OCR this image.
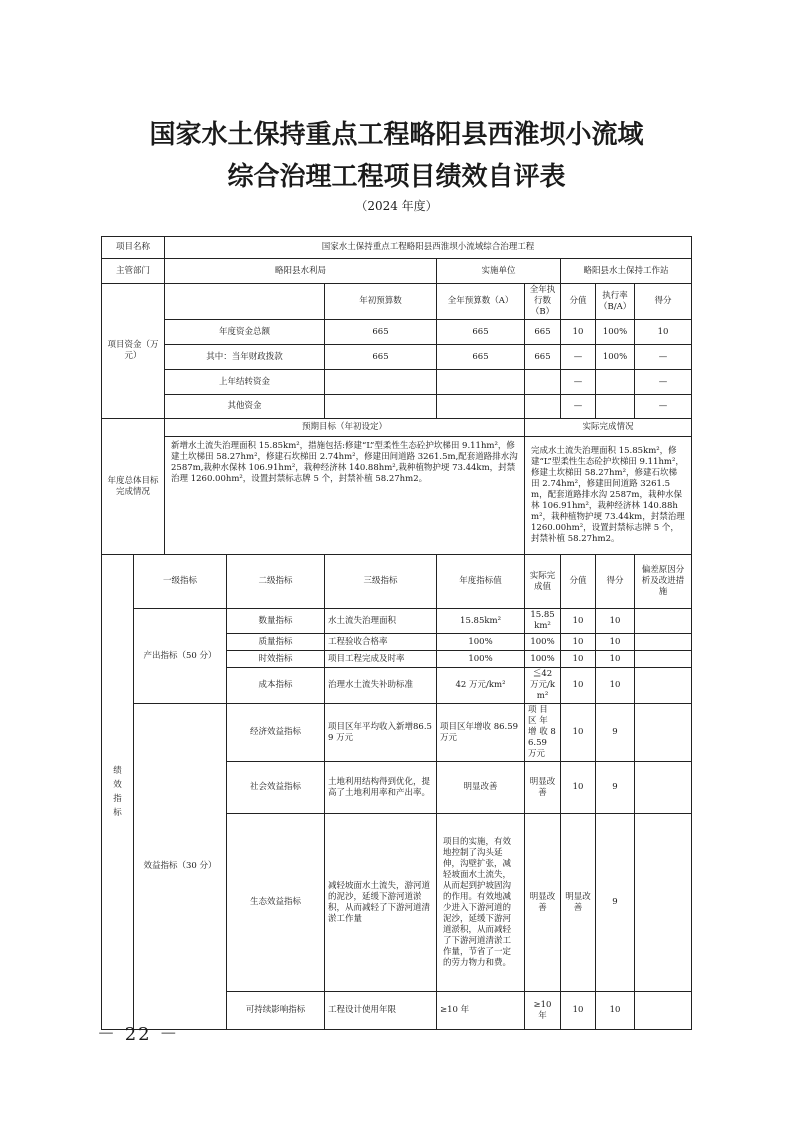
国家水土保持重点工程略阳县西淮坝小流域
综合治理工程项目绩效自评表
（2024 年度）
项目名称		国家水土保持重点工程略阳县西淮坝小流域综合治理工程							
主管部门		略阳县水利局			实施单位		略阳县水土保持工作站		
项目资金（万元）				年初预算数	全年预算数（A）	全年执行数（B）	分值	执行率（B/A）	得分
		年度资金总额		665	665	665	10	100%	10
		其中：当年财政拨款		665	665	665	—	100%	—
		上年结转资金					—		—
		其他资金					—		—
年度总体目标完成情况		预期目标（年初设定）				实际完成情况			
		新增水土流失治理面积 15.85km²，措施包括:修建“L”型柔性生态砼护坎梯田 9.11hm²，修建土坎梯田 58.27hm²，修建石坎梯田 2.74hm²，修建田间道路 3261.5m,配套道路排水沟 2587m,栽种水保林 106.91hm²，栽种经济林 140.88hm²,栽种植物护埂 73.44km，封禁治理 1260.00hm²，设置封禁标志牌 5 个，封禁补植 58.27hm2。				完成水土流失治理面积 15.85km²，修建“L”型柔性生态砼护坎梯田 9.11hm²，修建土坎梯田 58.27hm²，修建石坎梯田 2.74hm²，修建田间道路 3261.5m，配套道路排水沟 2587m，栽种水保林 106.91hm²，栽种经济林 140.88hm²，栽种植物护埂 73.44km，封禁治理 1260.00hm²，设置封禁标志牌 5 个，封禁补植 58.27hm2。			
绩效指标	一级指标		二级指标	三级指标	年度指标值	实际完成值	分值	得分	偏差原因分析及改进措施
	产出指标（50 分）		数量指标	水土流失治理面积	15.85km²	15.85km²	10	10	
			质量指标	工程验收合格率	100%	100%	10	10	
			时效指标	项目工程完成及时率	100%	100%	10	10	
			成本指标	治理水土流失补助标准	42 万元/km²	≦42 万元/km²	10	10	
	效益指标（30 分）		经济效益指标	项目区年平均收入新增86.59 万元	项目区年增收 86.59 万元	项 目 区 年 增 收 86.59 万元	10	9	
			社会效益指标	土地利用结构得到优化，提高了土地利用率和产出率。	明显改善	明显改善	10	9	
			生态效益指标	减轻坡面水土流失，游河道的泥沙，延缓下游河道淤积，从而减轻了下游河道清淤工作量	项目的实施，有效地控制了沟头延伸，沟壁扩张，减轻坡面水土流失，从而起到护坡固沟的作用。有效地减少进入下游河道的泥沙，延缓下游河道淤积，从而减轻了下游河道清淤工作量，节省了一定的劳力物力和费。	明显改善	明显改善	9	
			可持续影响指标	工程设计使用年限	≥10 年	≥10 年	10	10	
－ 22 －
